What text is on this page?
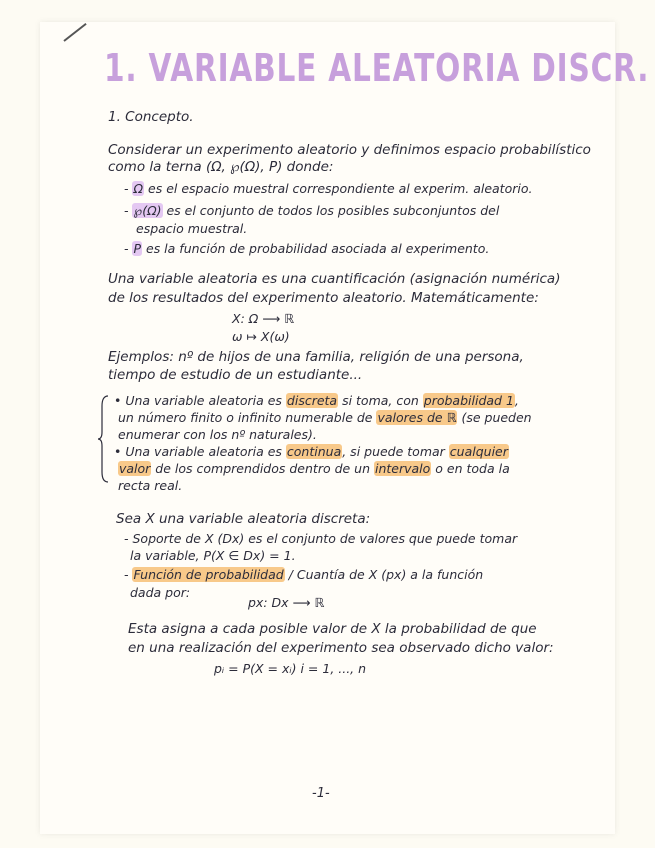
1. VARIABLE ALEATORIA DISCR.
1. Concepto.
Considerar un experimento aleatorio y definimos espacio probabilístico
como la terna (Ω, ℘(Ω), P) donde:
- Ω es el espacio muestral correspondiente al experim. aleatorio.
- ℘(Ω) es el conjunto de todos los posibles subconjuntos del
espacio muestral.
- P es la función de probabilidad asociada al experimento.
Una variable aleatoria es una cuantificación (asignación numérica)
de los resultados del experimento aleatorio. Matemáticamente:
X: Ω ⟶ ℝ
ω ↦ X(ω)
Ejemplos: nº de hijos de una familia, religión de una persona,
tiempo de estudio de un estudiante...
• Una variable aleatoria es discreta si toma, con probabilidad 1,
un número finito o infinito numerable de valores de ℝ (se pueden
enumerar con los nº naturales).
• Una variable aleatoria es continua, si puede tomar cualquier
valor de los comprendidos dentro de un intervalo o en toda la
recta real.
Sea X una variable aleatoria discreta:
- Soporte de X (Dx) es el conjunto de valores que puede tomar
la variable, P(X ∈ Dx) = 1.
- Función de probabilidad / Cuantía de X (px) a la función
dada por:
px: Dx ⟶ ℝ
Esta asigna a cada posible valor de X la probabilidad de que
en una realización del experimento sea observado dicho valor:
pᵢ = P(X = xᵢ) i = 1, ..., n
-1-
